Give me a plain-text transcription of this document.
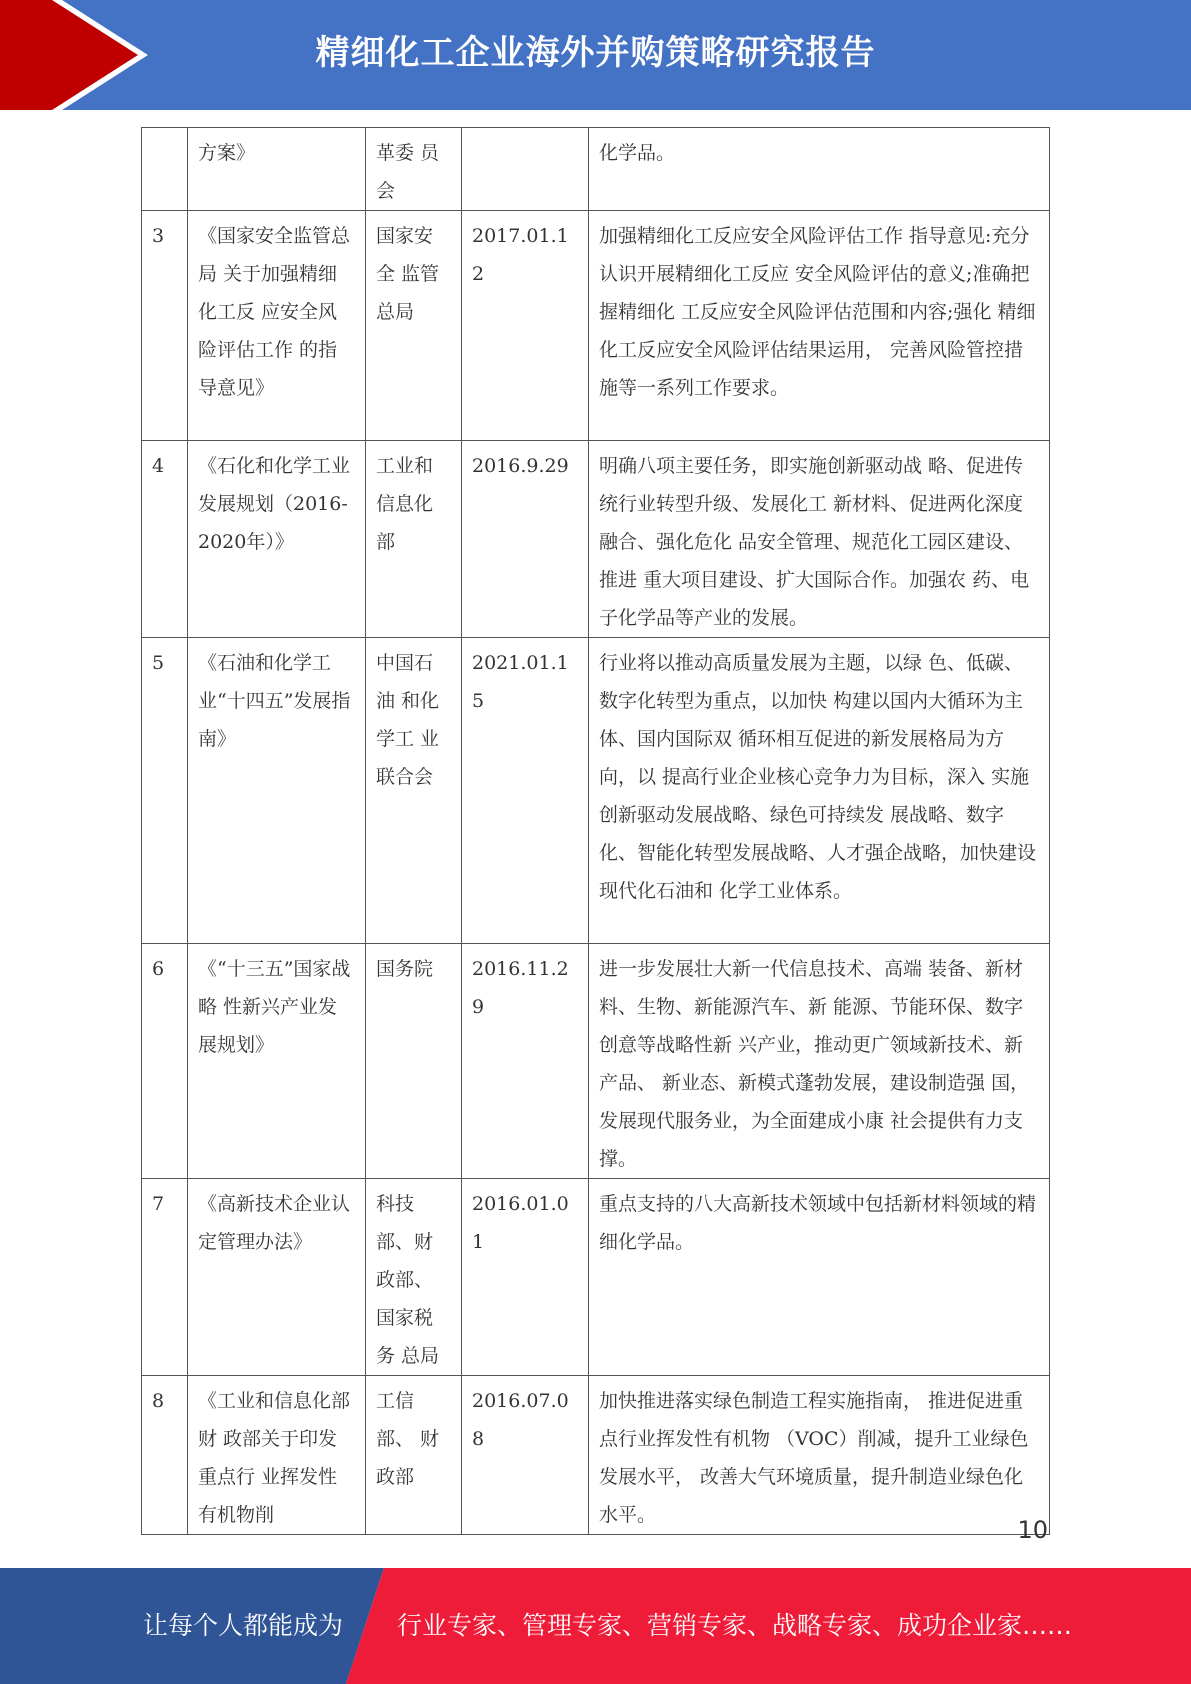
精细化工企业海外并购策略研究报告
	方案》	革委 员会		化学品。
3	《国家安全监管总局 关于加强精细化工反 应安全风险评估工作 的指导意见》	国家安全 监管总局	2017.01.12	加强精细化工反应安全风险评估工作 指导意见:充分认识开展精细化工反应 安全风险评估的意义;准确把握精细化 工反应安全风险评估范围和内容;强化 精细化工反应安全风险评估结果运用， 完善风险管控措施等一系列工作要求。
4	《石化和化学工业发展规划（2016-2020年）》	工业和信息化部	2016.9.29	明确八项主要任务，即实施创新驱动战 略、促进传统行业转型升级、发展化工 新材料、促进两化深度融合、强化危化 品安全管理、规范化工园区建设、推进 重大项目建设、扩大国际合作。加强农 药、电子化学品等产业的发展。
5	《石油和化学工业“十四五”发展指 南》	中国石油 和化学工 业联合会	2021.01.15	行业将以推动高质量发展为主题，以绿 色、低碳、数字化转型为重点，以加快 构建以国内大循环为主体、国内国际双 循环相互促进的新发展格局为方向，以 提高行业企业核心竞争力为目标，深入 实施创新驱动发展战略、绿色可持续发 展战略、数字化、智能化转型发展战略、人才强企战略，加快建设现代化石油和 化学工业体系。
6	《“十三五”国家战略 性新兴产业发展规划》	国务院	2016.11.29	进一步发展壮大新一代信息技术、高端 装备、新材料、生物、新能源汽车、新 能源、节能环保、数字创意等战略性新 兴产业，推动更广领域新技术、新产品、 新业态、新模式蓬勃发展，建设制造强 国，发展现代服务业，为全面建成小康 社会提供有力支撑。
7	《高新技术企业认定管理办法》	科技部、财政部、国家税务 总局	2016.01.01	重点支持的八大高新技术领域中包括新材料领域的精细化学品。
8	《工业和信息化部财 政部关于印发重点行 业挥发性有机物削	工信部、 财政部	2016.07.08	加快推进落实绿色制造工程实施指南， 推进促进重点行业挥发性有机物 （VOC）削减，提升工业绿色发展水平， 改善大气环境质量，提升制造业绿色化 水平。
10
让每个人都能成为 行业专家、管理专家、营销专家、战略专家、成功企业家……
